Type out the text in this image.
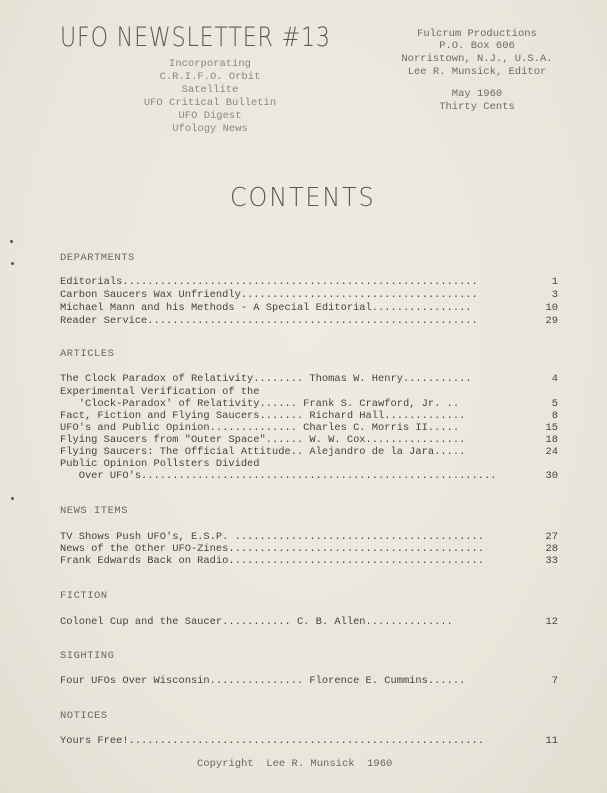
UFO NEWSLETTER #13
Incorporating
C.R.I.F.O. Orbit
Satellite
UFO Critical Bulletin
UFO Digest
Ufology News
Fulcrum Productions
P.O. Box 606
Norristown, N.J., U.S.A.
Lee R. Munsick, Editor
May 1960
Thirty Cents
CONTENTS
DEPARTMENTS
Editorials.........................................................	1
Carbon Saucers Wax Unfriendly......................................	3
Michael Mann and his Methods - A Special Editorial................	10
Reader Service.....................................................	29
ARTICLES
The Clock Paradox of Relativity........ Thomas W. Henry...........	4
Experimental Verification of the
'Clock-Paradox' of Relativity...... Frank S. Crawford, Jr. ..	5
Fact, Fiction and Flying Saucers....... Richard Hall.............	8
UFO's and Public Opinion.............. Charles C. Morris II.....	15
Flying Saucers from "Outer Space"...... W. W. Cox................	18
Flying Saucers: The Official Attitude.. Alejandro de la Jara.....	24
Public Opinion Pollsters Divided
Over UFO's.........................................................	30
NEWS ITEMS
TV Shows Push UFO's, E.S.P. ........................................	27
News of the Other UFO-Zines.........................................	28
Frank Edwards Back on Radio.........................................	33
FICTION
Colonel Cup and the Saucer........... C. B. Allen..............	12
SIGHTING
Four UFOs Over Wisconsin............... Florence E. Cummins......	7
NOTICES
Yours Free!.........................................................	11
Copyright  Lee R. Munsick  1960
